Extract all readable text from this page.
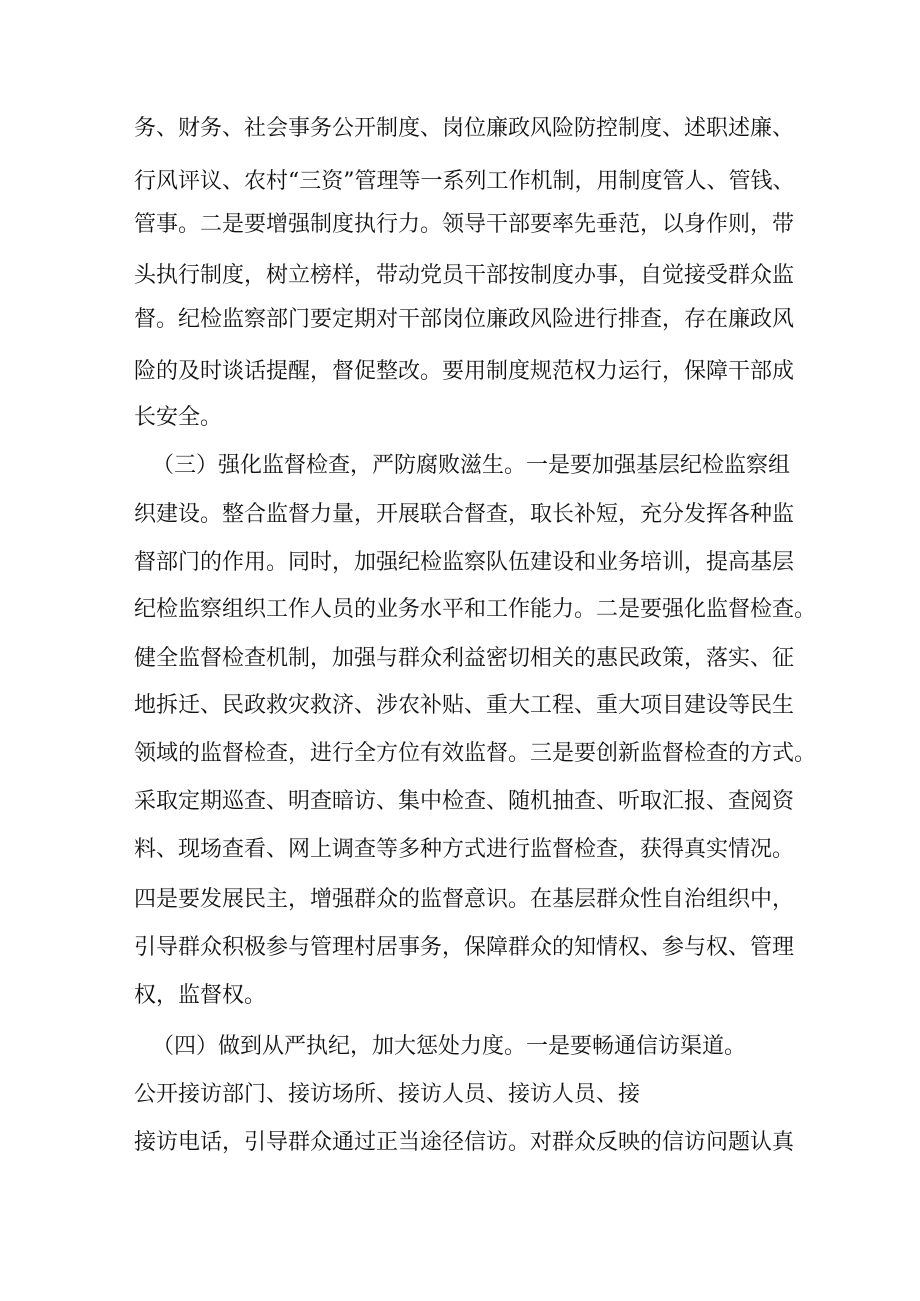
务、财务、社会事务公开制度、岗位廉政风险防控制度、述职述廉、
行风评议、农村“三资”管理等一系列工作机制，用制度管人、管钱、
管事。二是要增强制度执行力。领导干部要率先垂范，以身作则，带
头执行制度，树立榜样，带动党员干部按制度办事，自觉接受群众监
督。纪检监察部门要定期对干部岗位廉政风险进行排查，存在廉政风
险的及时谈话提醒，督促整改。要用制度规范权力运行，保障干部成
长安全。
（三）强化监督检查，严防腐败滋生。一是要加强基层纪检监察组
织建设。整合监督力量，开展联合督查，取长补短，充分发挥各种监
督部门的作用。同时，加强纪检监察队伍建设和业务培训，提高基层
纪检监察组织工作人员的业务水平和工作能力。二是要强化监督检查。
健全监督检查机制，加强与群众利益密切相关的惠民政策，落实、征
地拆迁、民政救灾救济、涉农补贴、重大工程、重大项目建设等民生
领域的监督检查，进行全方位有效监督。三是要创新监督检查的方式。
采取定期巡查、明查暗访、集中检查、随机抽查、听取汇报、查阅资
料、现场查看、网上调查等多种方式进行监督检查，获得真实情况。
四是要发展民主，增强群众的监督意识。在基层群众性自治组织中，
引导群众积极参与管理村居事务，保障群众的知情权、参与权、管理
权，监督权。
（四）做到从严执纪，加大惩处力度。一是要畅通信访渠道。
公开接访部门、接访场所、接访人员、接访人员、接
接访电话，引导群众通过正当途径信访。对群众反映的信访问题认真
